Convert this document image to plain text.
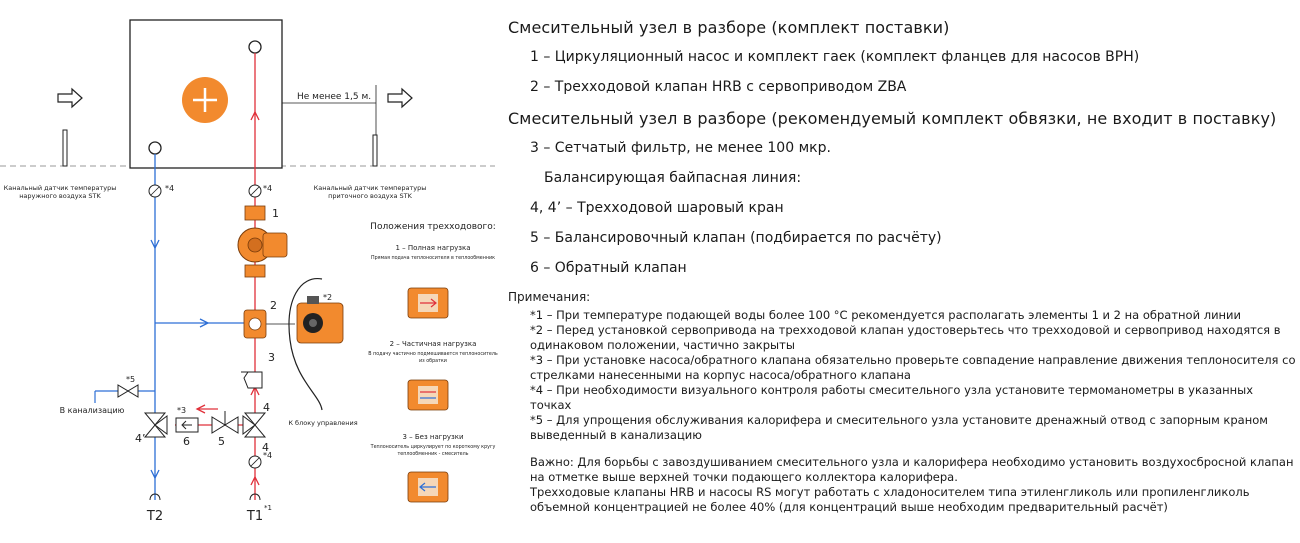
Не менее 1,5 м.
Канальный датчик температуры
наружного воздуха STK
Канальный датчик температуры
приточного воздуха STK
*4	*4
*4
1
2
*2
К блоку управления
3
4
4
4’	5
6
*3
*5
В канализацию
Т2	Т1
*1
Положения трехходового:
1 – Полная нагрузка
Прямая подача теплоносителя в теплообменник
2 – Частичная нагрузка
В подачу частично подмешивается теплоноситель
из обратки
3 – Без нагрузки
Теплоноситель циркулирует по короткому кругу
теплообменник - смеситель
Смесительный узел в разборе (комплект поставки)
1 – Циркуляционный насос и комплект гаек (комплект фланцев для насосов ВРН)
2 – Трехходовой клапан HRB с сервоприводом ZBA
Смесительный узел в разборе (рекомендуемый комплект обвязки, не входит в поставку)
3 – Сетчатый фильтр, не менее 100 мкр.
Балансирующая байпасная линия:
4, 4’ – Трехходовой шаровый кран
5 – Балансировочный клапан (подбирается по расчёту)
6 – Обратный клапан
Примечания:
*1 – При температуре подающей воды более 100 °С рекомендуется располагать элементы 1 и 2 на обратной линии
*2 – Перед установкой сервопривода на трехходовой клапан удостоверьтесь что трехходовой и сервопривод находятся в одинаковом положении, частично закрыты
*3 – При установке насоса/обратного клапана обязательно проверьте совпадение направление движения теплоносителя со стрелками нанесенными на корпус насоса/обратного клапана
*4 – При необходимости визуального контроля работы смесительного узла установите термоманометры в указанных точках
*5 – Для упрощения обслуживания калорифера и смесительного узла установите дренажный отвод с запорным краном выведенный в канализацию

Важно: Для борьбы с завоздушиванием смесительного узла и калорифера необходимо установить воздухосбросной клапан на отметке выше верхней точки подающего коллектора калорифера.

Трехходовые клапаны HRB и насосы RS могут работать с хладоносителем типа этиленгликоль или пропиленгликоль объемной концентрацией не более 40% (для концентраций выше необходим предварительный расчёт)
